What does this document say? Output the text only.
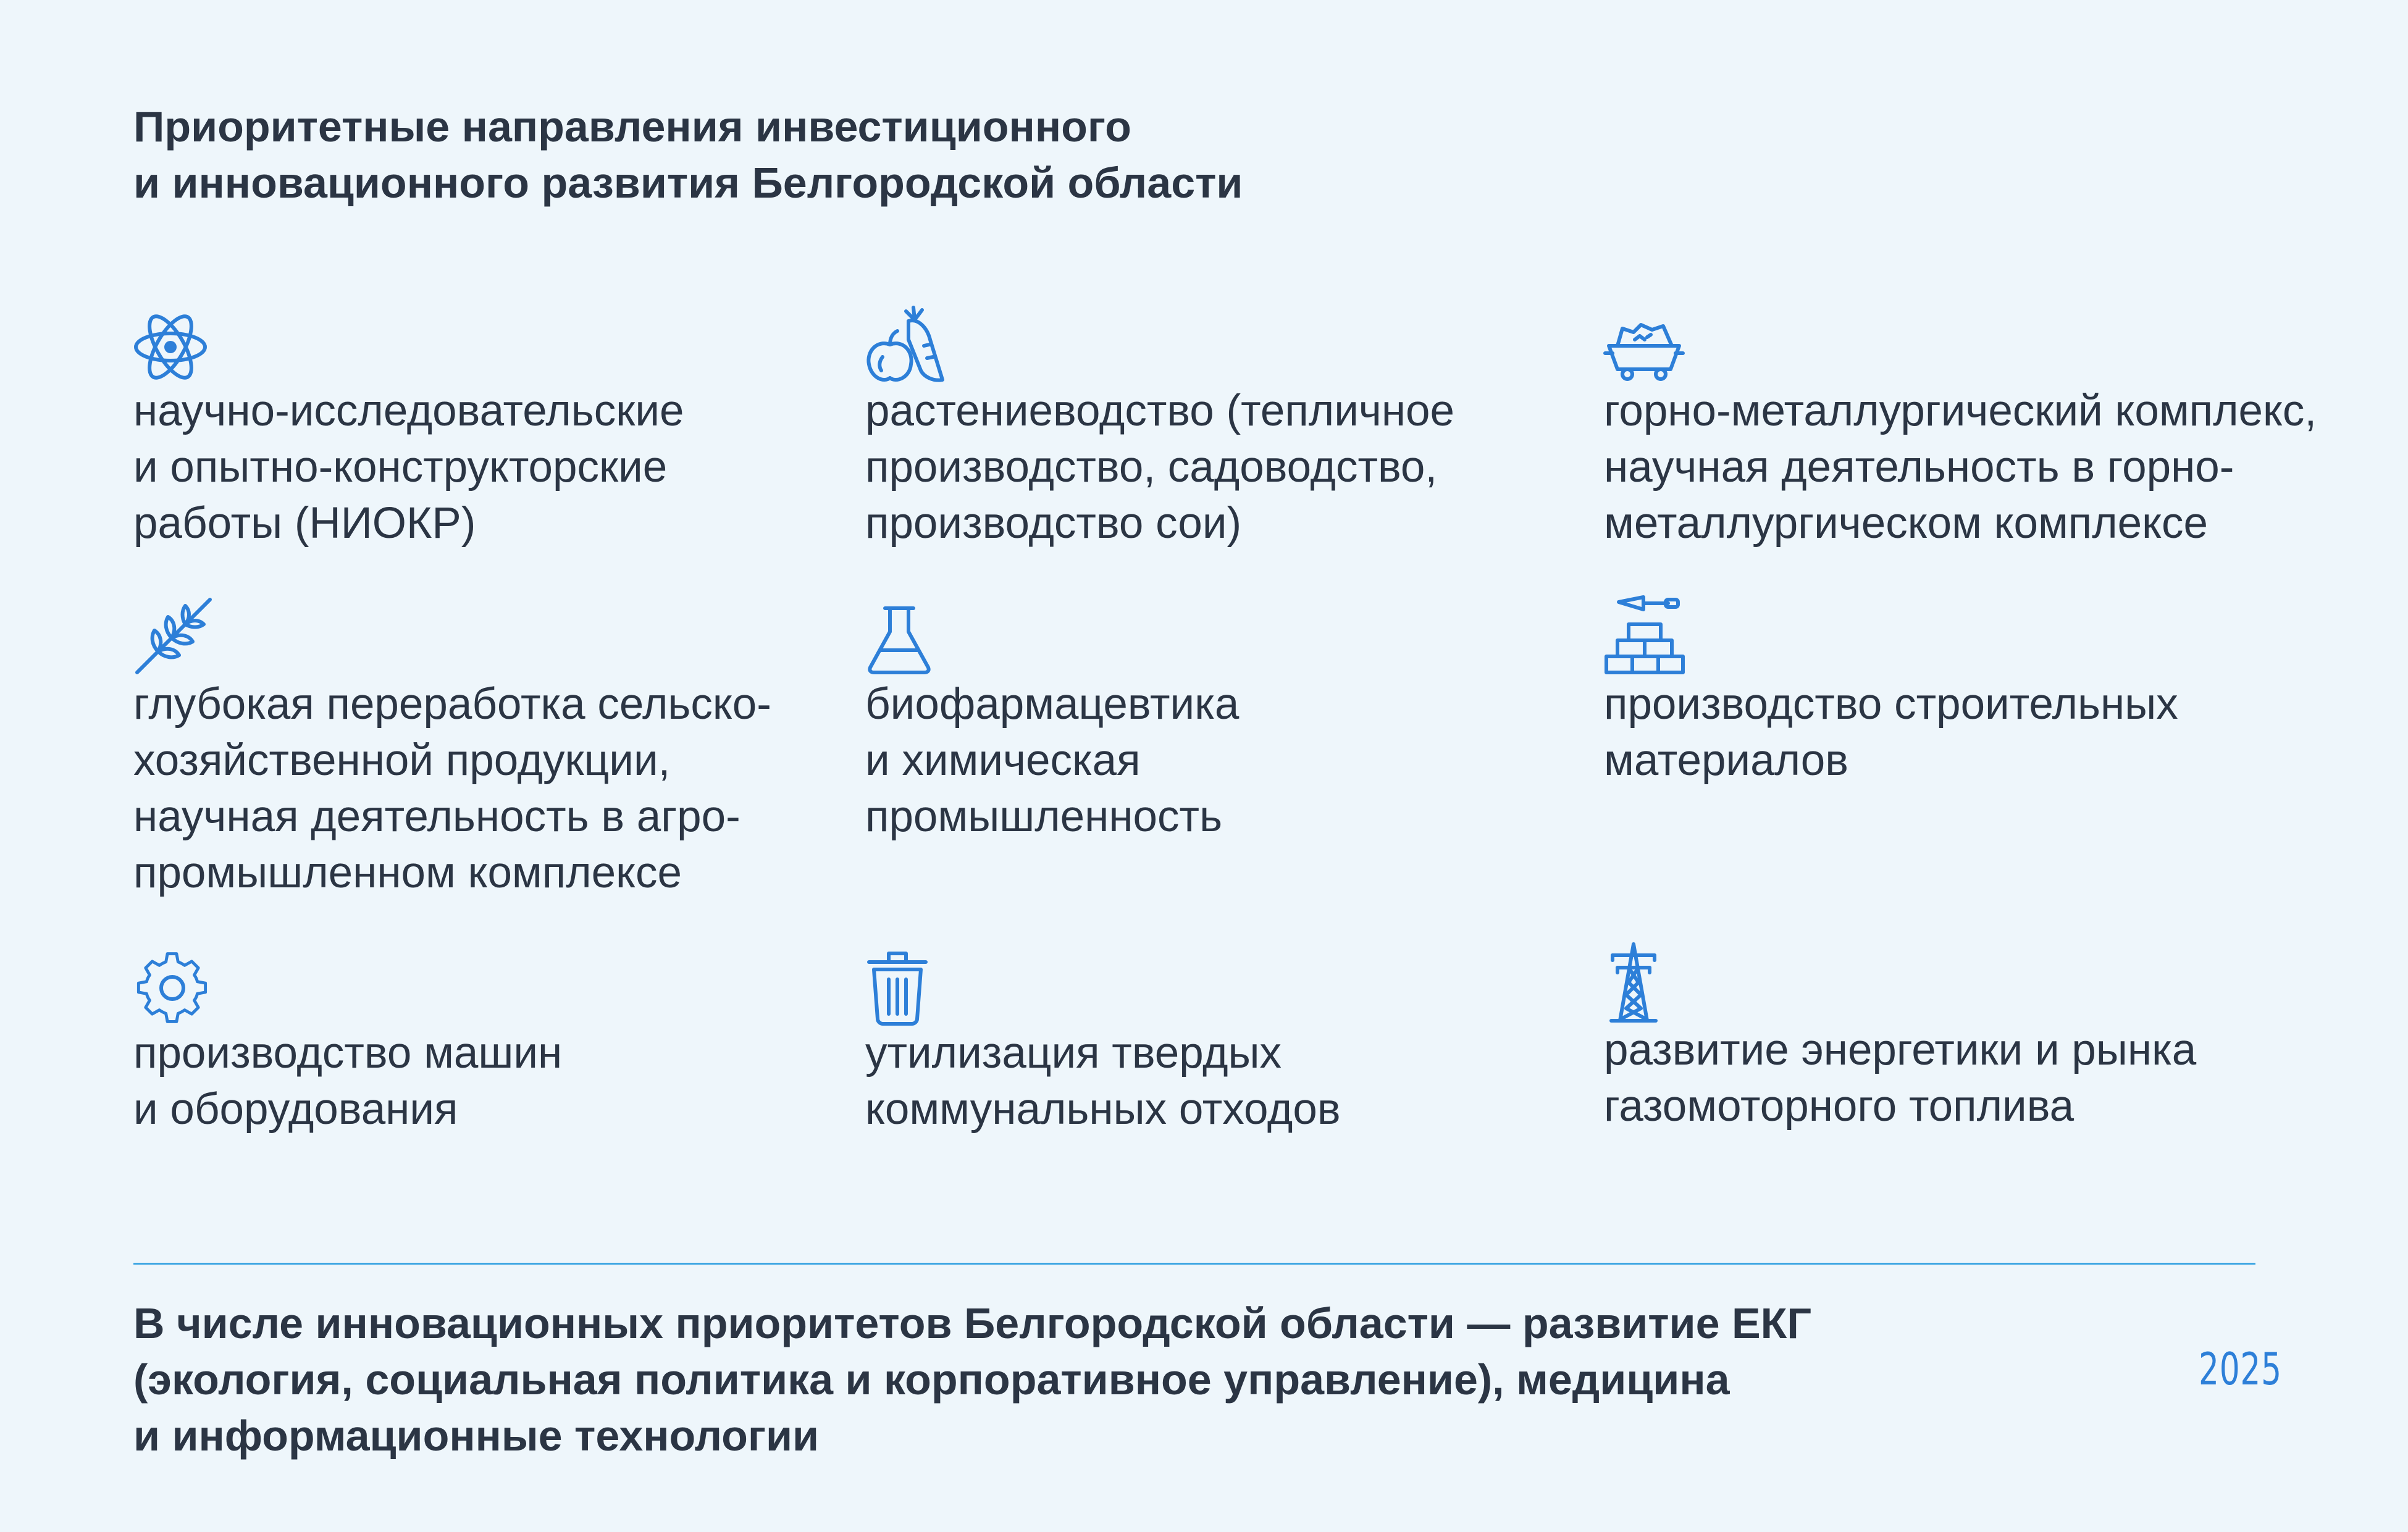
Приоритетные направления инвестиционного
и инновационного развития Белгородской области
научно-исследовательские
и опытно-конструкторские
работы (НИОКР)
растениеводство (тепличное
производство, садоводство,
производство сои)
горно-металлургический комплекс,
научная деятельность в горно-
металлургическом комплексе
глубокая переработка сельско-
хозяйственной продукции,
научная деятельность в агро-
промышленном комплексе
биофармацевтика
и химическая
промышленность
производство строительных
материалов
производство машин
и оборудования
утилизация твердых
коммунальных отходов
развитие энергетики и рынка
газомоторного топлива
В числе инновационных приоритетов Белгородской области — развитие ЕКГ
(экология, социальная политика и корпоративное управление), медицина
и информационные технологии
2025
